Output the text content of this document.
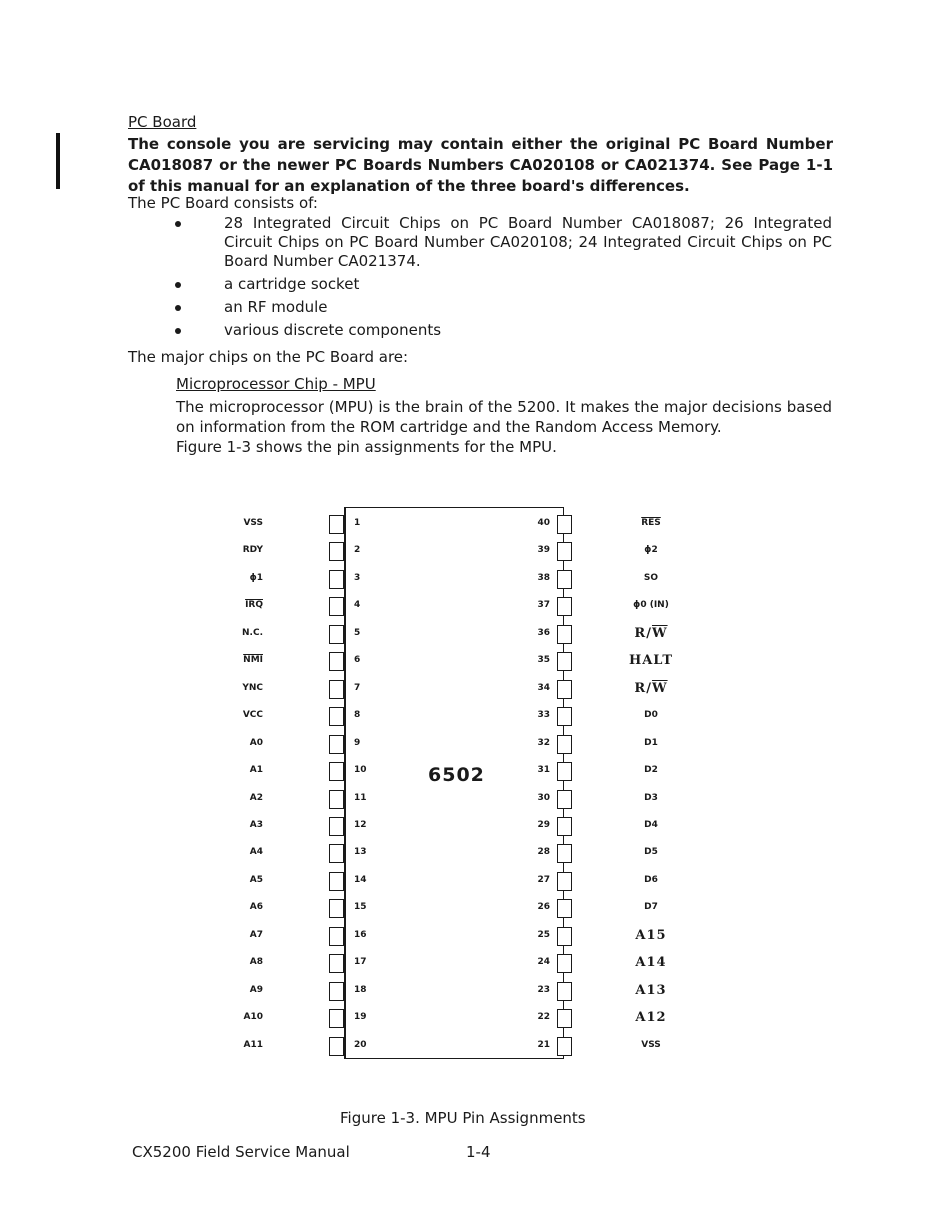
PC Board
The console you are servicing may contain either the original PC Board Number CA018087 or the newer PC Boards Numbers CA020108 or CA021374. See Page 1-1 of this manual for an explanation of the three board's differences.
The PC Board consists of:
28 Integrated Circuit Chips on PC Board Number CA018087; 26 Integrated Circuit Chips on PC Board Number CA020108; 24 Integrated Circuit Chips on PC Board Number CA021374.
a cartridge socket
an RF module
various discrete components
The major chips on the PC Board are:
Microprocessor Chip - MPU
The microprocessor (MPU) is the brain of the 5200. It makes the major decisions based on information from the ROM cartridge and the Random Access Memory.
Figure 1-3 shows the pin assignments for the MPU.
6502
1
VSS
2
RDY
3
ϕ1
4
$\overline{IRQ}$
5
N.C.
6
$\overline{NMI}$
7
YNC
8
VCC
9
A0
10
A1
11
A2
12
A3
13
A4
14
A5
15
A6
16
A7
17
A8
18
A9
19
A10
20
A11
40	$\overline{RES}$
39	ϕ2
38	SO
37	ϕ0 (IN)
36	$R/\overline{W}$
35	HALT
34	$R/\overline{W}$
33	D0
32	D1
31	D2
30	D3
29	D4
28	D5
27	D6
26	D7
25	A15
24	A14
23	A13
22	A12
21	VSS
Figure 1-3. MPU Pin Assignments
CX5200 Field Service Manual	1-4
